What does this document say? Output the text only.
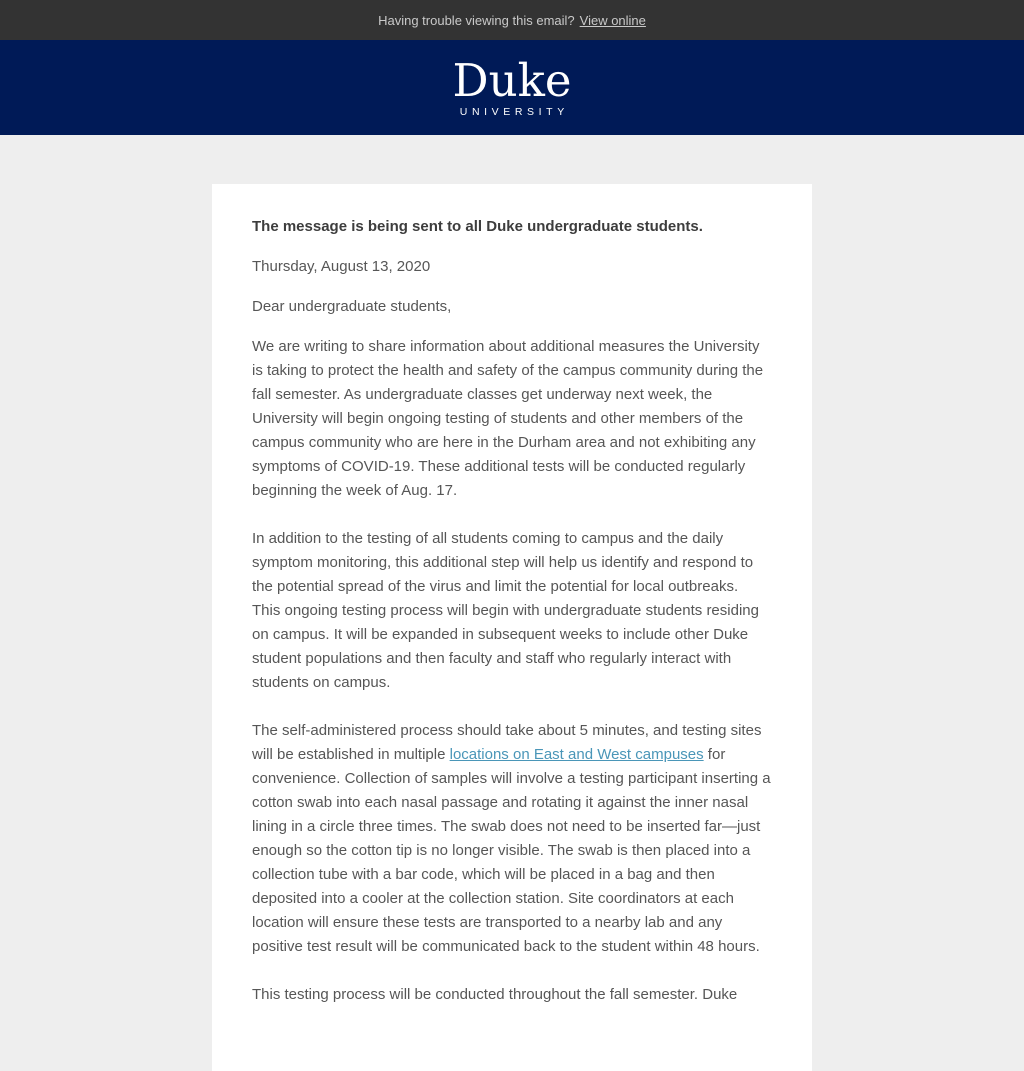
Having trouble viewing this email? View online
Duke
UNIVERSITY

The message is being sent to all Duke undergraduate students.

Thursday, August 13, 2020

Dear undergraduate students,

We are writing to share information about additional measures the University is taking to protect the health and safety of the campus community during the fall semester. As undergraduate classes get underway next week, the University will begin ongoing testing of students and other members of the campus community who are here in the Durham area and not exhibiting any symptoms of COVID-19. These additional tests will be conducted regularly beginning the week of Aug. 17.

In addition to the testing of all students coming to campus and the daily symptom monitoring, this additional step will help us identify and respond to the potential spread of the virus and limit the potential for local outbreaks.  This ongoing testing process will begin with undergraduate students residing on campus. It will be expanded in subsequent weeks to include other Duke student populations and then faculty and staff who regularly interact with students on campus.

The self-administered process should take about 5 minutes, and testing sites will be established in multiple locations on East and West campuses for convenience. Collection of samples will involve a testing participant inserting a cotton swab into each nasal passage and rotating it against the inner nasal lining in a circle three times. The swab does not need to be inserted far—just enough so the cotton tip is no longer visible. The swab is then placed into a collection tube with a bar code, which will be placed in a bag and then deposited into a cooler at the collection station. Site coordinators at each location will ensure these tests are transported to a nearby lab and any positive test result will be communicated back to the student within 48 hours.

This testing process will be conducted throughout the fall semester. Duke
